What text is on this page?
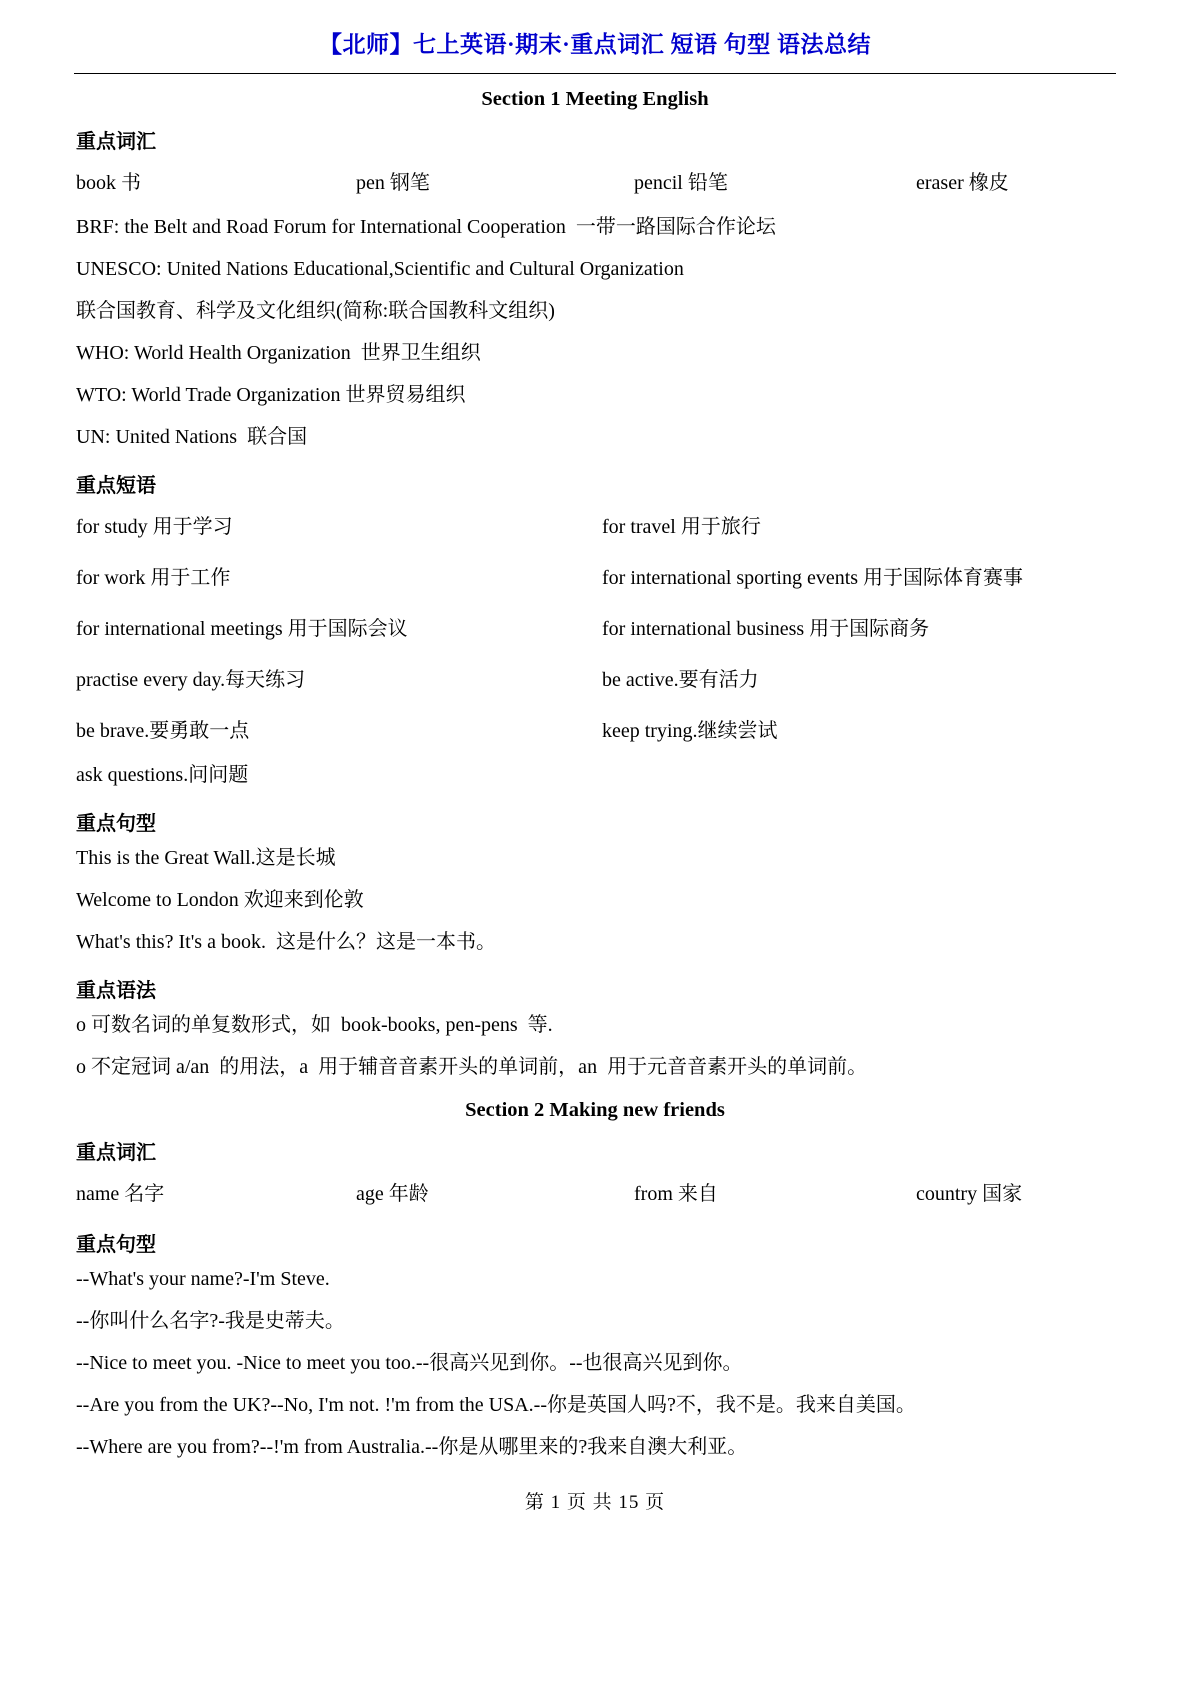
【北师】七上英语·期末·重点词汇 短语 句型 语法总结
Section 1 Meeting English
重点词汇
book 书	pen 钢笔	pencil 铅笔	eraser 橡皮
BRF: the Belt and Road Forum for International Cooperation  一带一路国际合作论坛
UNESCO: United Nations Educational,Scientific and Cultural Organization
联合国教育、科学及文化组织(简称:联合国教科文组织)
WHO: World Health Organization  世界卫生组织
WTO: World Trade Organization 世界贸易组织
UN: United Nations  联合国
重点短语
for study 用于学习	for travel 用于旅行
for work 用于工作	for international sporting events 用于国际体育赛事
for international meetings 用于国际会议	for international business 用于国际商务
practise every day.每天练习	be active.要有活力
be brave.要勇敢一点	keep trying.继续尝试
ask questions.问问题
重点句型
This is the Great Wall.这是长城
Welcome to London 欢迎来到伦敦
What's this? It's a book.  这是什么？这是一本书。
重点语法
o 可数名词的单复数形式，如  book-books, pen-pens  等.
o 不定冠词 a/an  的用法，a  用于辅音音素开头的单词前，an  用于元音音素开头的单词前。
Section 2 Making new friends
重点词汇
name 名字	age 年龄	from 来自	country 国家
重点句型
--What's your name?-I'm Steve.
--你叫什么名字?-我是史蒂夫。
--Nice to meet you. -Nice to meet you too.--很高兴见到你。--也很高兴见到你。
--Are you from the UK?--No, I'm not. !'m from the USA.--你是英国人吗?不，我不是。我来自美国。
--Where are you from?--!'m from Australia.--你是从哪里来的?我来自澳大利亚。
第 1 页 共 15 页
